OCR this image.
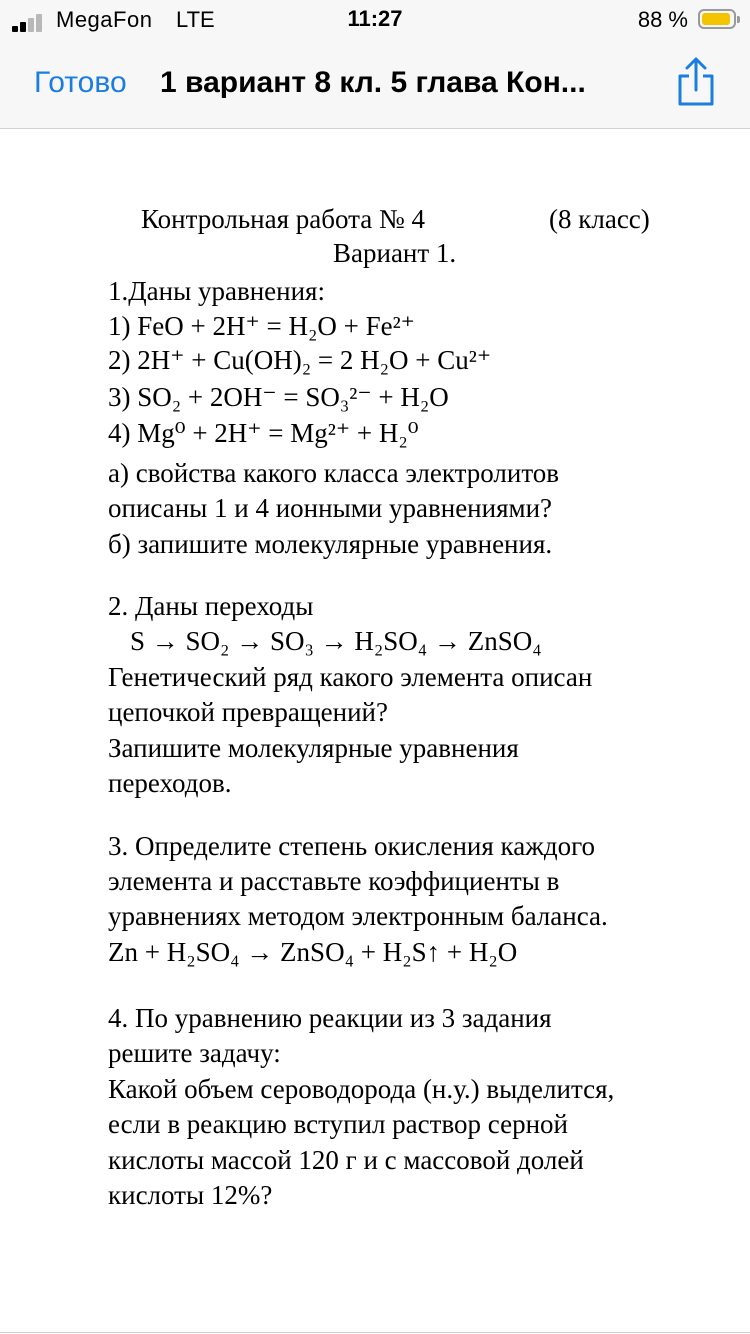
MegaFon LTE	11:27	88 %
Готово 1 вариант 8 кл. 5 глава Кон...
Контрольная работа № 4	(8 класс)
Вариант 1.
1.Даны уравнения:
1) FeO + 2H⁺ = H₂O + Fe²⁺
2) 2H⁺ + Cu(OH)₂ = 2 H₂O + Cu²⁺
3) SO₂ + 2OH⁻ = SO₃²⁻ + H₂O
4) Mg⁰ + 2H⁺ = Mg²⁺ + H₂⁰
а) свойства какого класса электролитов
описаны 1 и 4 ионными уравнениями?
б) запишите молекулярные уравнения.
2. Даны переходы
S → SO₂ → SO₃ → H₂SO₄ → ZnSO₄
Генетический ряд какого элемента описан
цепочкой превращений?
Запишите молекулярные уравнения
переходов.
3. Определите степень окисления каждого
элемента и расставьте коэффициенты в
уравнениях методом электронным баланса.
Zn + H₂SO₄ → ZnSO₄ + H₂S↑ + H₂O
4. По уравнению реакции из 3 задания
решите задачу:
Какой объем сероводорода (н.у.) выделится,
если в реакцию вступил раствор серной
кислоты массой 120 г и с массовой долей
кислоты 12%?
